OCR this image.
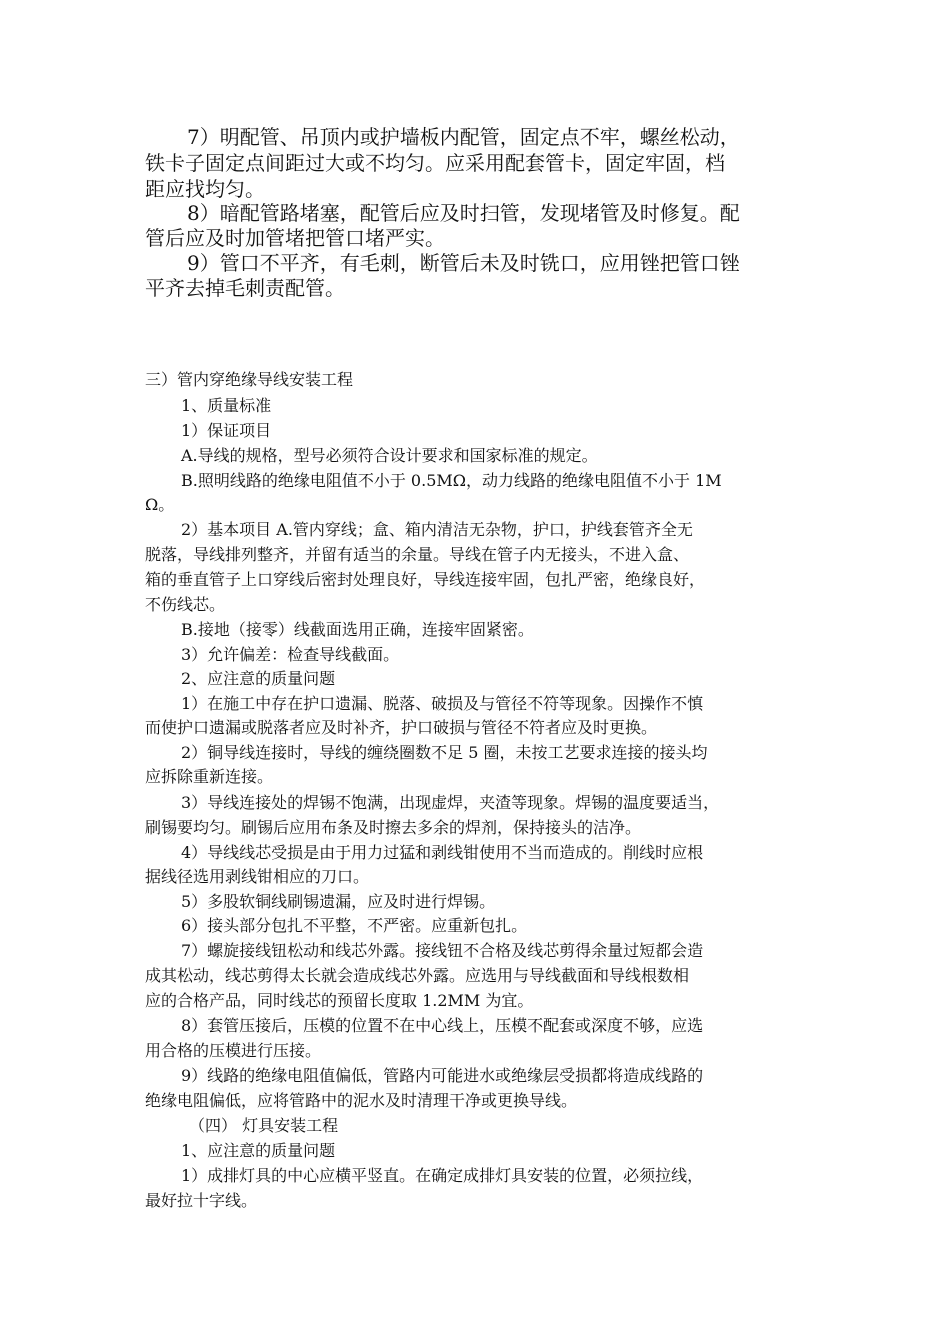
7）明配管、吊顶内或护墙板内配管，固定点不牢，螺丝松动，
铁卡子固定点间距过大或不均匀。应采用配套管卡，固定牢固，档
距应找均匀。
8）暗配管路堵塞，配管后应及时扫管，发现堵管及时修复。配
管后应及时加管堵把管口堵严实。
9）管口不平齐，有毛刺，断管后未及时铣口，应用锉把管口锉
平齐去掉毛刺责配管。
三）管内穿绝缘导线安装工程
1、质量标准
1）保证项目
A.导线的规格，型号必须符合设计要求和国家标准的规定。
B.照明线路的绝缘电阻值不小于 0.5MΩ，动力线路的绝缘电阻值不小于 1M
Ω。
2）基本项目 A.管内穿线；盒、箱内清洁无杂物，护口，护线套管齐全无
脱落，导线排列整齐，并留有适当的余量。导线在管子内无接头，不进入盒、
箱的垂直管子上口穿线后密封处理良好，导线连接牢固，包扎严密，绝缘良好，
不伤线芯。
B.接地（接零）线截面选用正确，连接牢固紧密。
3）允许偏差：检查导线截面。
2、应注意的质量问题
1）在施工中存在护口遗漏、脱落、破损及与管径不符等现象。因操作不慎
而使护口遗漏或脱落者应及时补齐，护口破损与管径不符者应及时更换。
2）铜导线连接时，导线的缠绕圈数不足 5 圈，未按工艺要求连接的接头均
应拆除重新连接。
3）导线连接处的焊锡不饱满，出现虚焊，夹渣等现象。焊锡的温度要适当，
刷锡要均匀。刷锡后应用布条及时擦去多余的焊剂，保持接头的洁净。
4）导线线芯受损是由于用力过猛和剥线钳使用不当而造成的。削线时应根
据线径选用剥线钳相应的刀口。
5）多股软铜线刷锡遗漏，应及时进行焊锡。
6）接头部分包扎不平整，不严密。应重新包扎。
7）螺旋接线钮松动和线芯外露。接线钮不合格及线芯剪得余量过短都会造
成其松动，线芯剪得太长就会造成线芯外露。应选用与导线截面和导线根数相
应的合格产品，同时线芯的预留长度取 1.2MM 为宜。
8）套管压接后，压模的位置不在中心线上，压模不配套或深度不够，应选
用合格的压模进行压接。
9）线路的绝缘电阻值偏低，管路内可能进水或绝缘层受损都将造成线路的
绝缘电阻偏低，应将管路中的泥水及时清理干净或更换导线。
（四） 灯具安装工程
1、应注意的质量问题
1）成排灯具的中心应横平竖直。在确定成排灯具安装的位置，必须拉线，
最好拉十字线。
